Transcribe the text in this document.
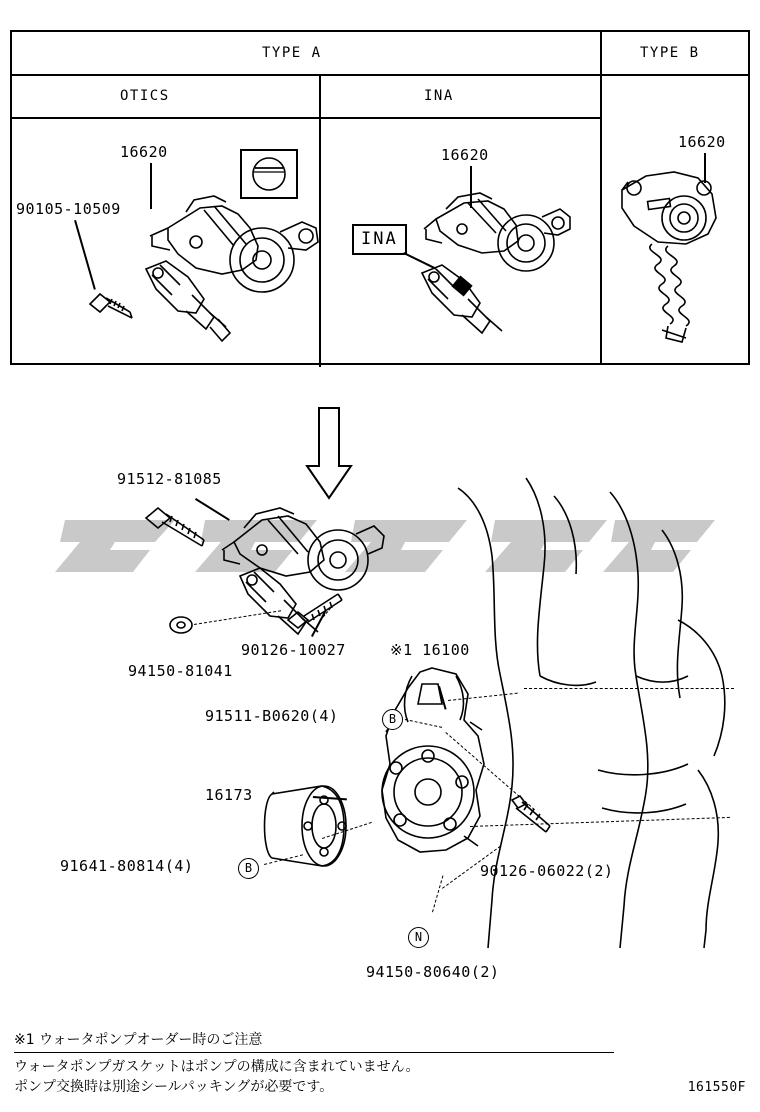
TYPE A	TYPE B
OTICS	INA
16620
90105-10509
16620
INA
16620
91512-81085
94150-81041
90126-10027	※1 16100
91511-B0620(4)
16173
91641-80814(4)	90126-06022(2)
94150-80640(2)
B
B
N
※1 ウォータポンプオーダー時のご注意
ウォータポンプガスケットはポンプの構成に含まれていません。
ポンプ交換時は別途シールパッキングが必要です。	161550F
